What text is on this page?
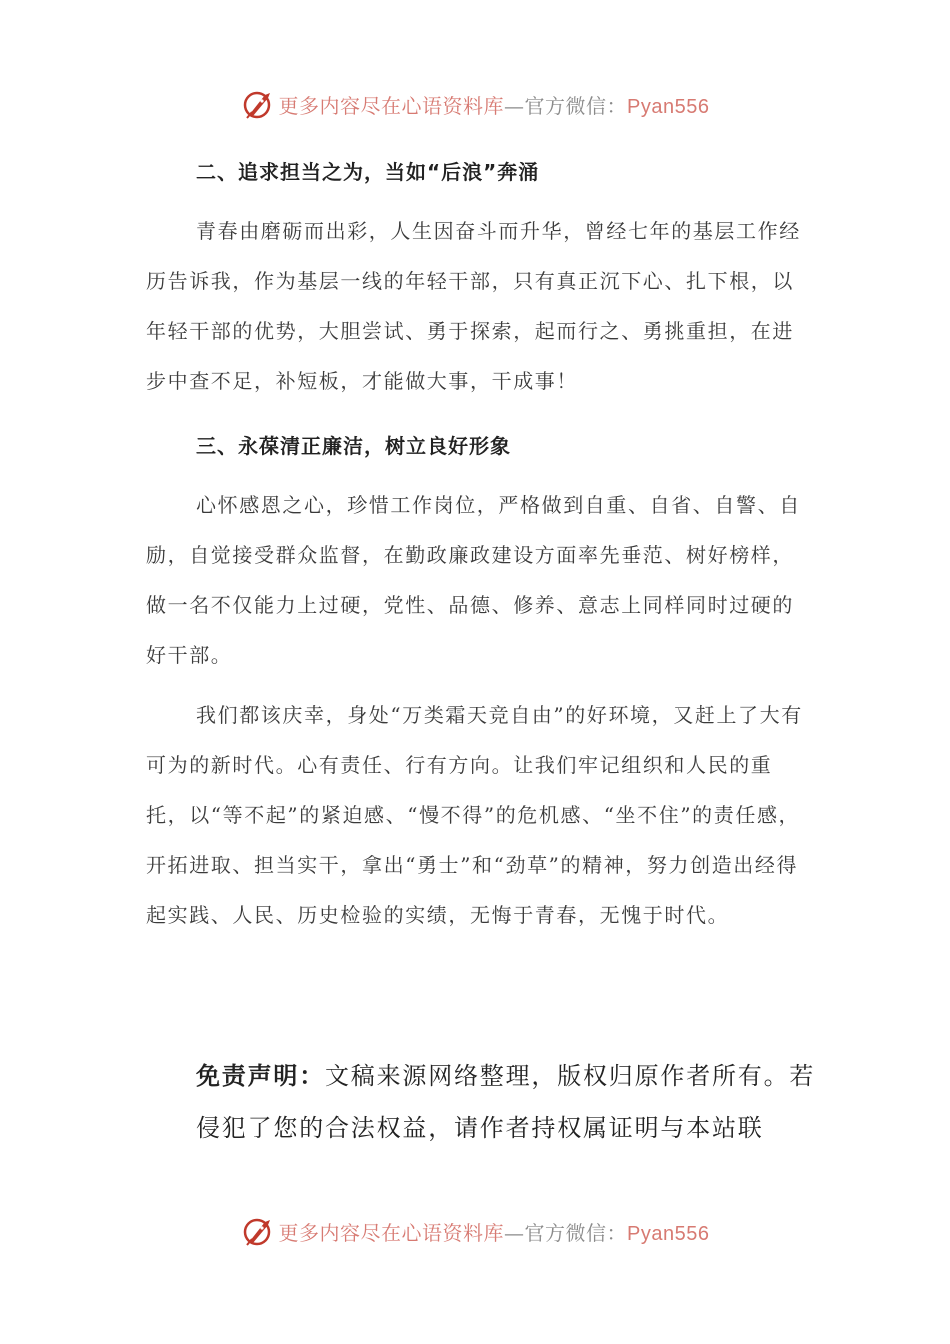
更多内容尽在心语资料库—官方微信：Pyan556
二、追求担当之为，当如“后浪”奔涌

青春由磨砺而出彩，人生因奋斗而升华，曾经七年的基层工作经历告诉我，作为基层一线的年轻干部，只有真正沉下心、扎下根，以年轻干部的优势，大胆尝试、勇于探索，起而行之、勇挑重担，在进步中查不足，补短板，才能做大事，干成事！

三、永葆清正廉洁，树立良好形象

心怀感恩之心，珍惜工作岗位，严格做到自重、自省、自警、自励，自觉接受群众监督，在勤政廉政建设方面率先垂范、树好榜样，做一名不仅能力上过硬，党性、品德、修养、意志上同样同时过硬的好干部。

我们都该庆幸，身处“万类霜天竞自由”的好环境，又赶上了大有可为的新时代。心有责任、行有方向。让我们牢记组织和人民的重托，以“等不起”的紧迫感、“慢不得”的危机感、“坐不住”的责任感，开拓进取、担当实干，拿出“勇士”和“劲草”的精神，努力创造出经得起实践、人民、历史检验的实绩，无悔于青春，无愧于时代。

免责声明：文稿来源网络整理，版权归原作者所有。若侵犯了您的合法权益，请作者持权属证明与本站联

更多内容尽在心语资料库—官方微信：Pyan556
